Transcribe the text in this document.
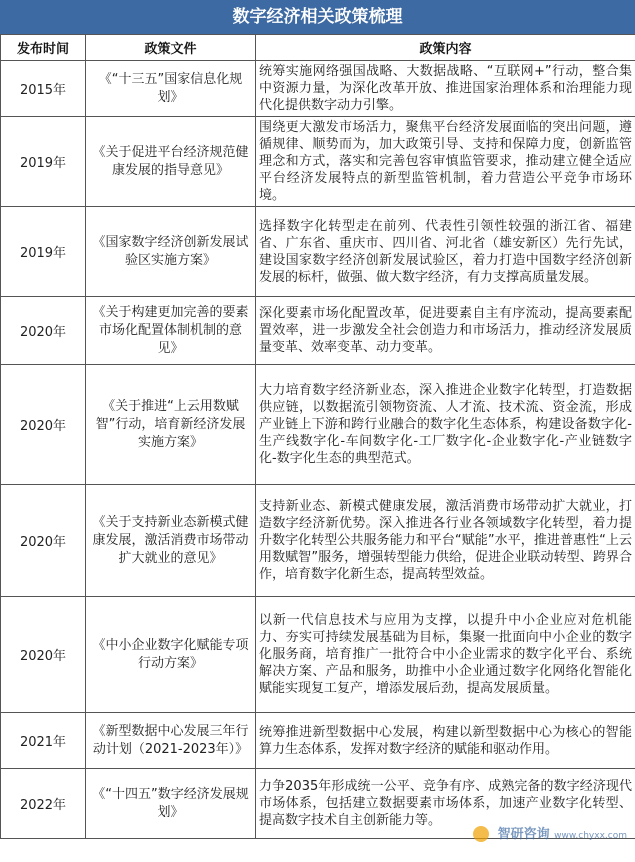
数字经济相关政策梳理
发布时间	政策文件	政策内容
2015年	《“十三五”国家信息化规划》	统筹实施网络强国战略、大数据战略、“互联网+”行动，整合集中资源力量，为深化改革开放、推进国家治理体系和治理能力现代化提供数字动力引擎。
2019年	《关于促进平台经济规范健康发展的指导意见》	围绕更大激发市场活力，聚焦平台经济发展面临的突出问题，遵循规律、顺势而为，加大政策引导、支持和保障力度，创新监管理念和方式，落实和完善包容审慎监管要求，推动建立健全适应平台经济发展特点的新型监管机制，着力营造公平竞争市场环境。
2019年	《国家数字经济创新发展试验区实施方案》	选择数字化转型走在前列、代表性引领性较强的浙江省、福建省、广东省、重庆市、四川省、河北省（雄安新区）先行先试，建设国家数字经济创新发展试验区，着力打造中国数字经济创新发展的标杆，做强、做大数字经济，有力支撑高质量发展。
2020年	《关于构建更加完善的要素市场化配置体制机制的意见》	深化要素市场化配置改革，促进要素自主有序流动，提高要素配置效率，进一步激发全社会创造力和市场活力，推动经济发展质量变革、效率变革、动力变革。
2020年	《关于推进“上云用数赋智”行动，培育新经济发展实施方案》	大力培育数字经济新业态，深入推进企业数字化转型，打造数据供应链，以数据流引领物资流、人才流、技术流、资金流，形成产业链上下游和跨行业融合的数字化生态体系，构建设备数字化-生产线数字化-车间数字化-工厂数字化-企业数字化-产业链数字化-数字化生态的典型范式。
2020年	《关于支持新业态新模式健康发展，激活消费市场带动扩大就业的意见》	支持新业态、新模式健康发展，激活消费市场带动扩大就业，打造数字经济新优势。深入推进各行业各领域数字化转型，着力提升数字化转型公共服务能力和平台“赋能”水平，推进普惠性“上云用数赋智”服务，增强转型能力供给，促进企业联动转型、跨界合作，培育数字化新生态，提高转型效益。
2020年	《中小企业数字化赋能专项行动方案》	以新一代信息技术与应用为支撑，以提升中小企业应对危机能力、夯实可持续发展基础为目标，集聚一批面向中小企业的数字化服务商，培育推广一批符合中小企业需求的数字化平台、系统解决方案、产品和服务，助推中小企业通过数字化网络化智能化赋能实现复工复产，增添发展后劲，提高发展质量。
2021年	《新型数据中心发展三年行动计划（2021-2023年）》	统筹推进新型数据中心发展，构建以新型数据中心为核心的智能算力生态体系，发挥对数字经济的赋能和驱动作用。
2022年	《“十四五”数字经济发展规划》	力争2035年形成统一公平、竞争有序、成熟完备的数字经济现代市场体系，包括建立数据要素市场体系，加速产业数字化转型、提高数字技术自主创新能力等。
智研咨询 www.chyxx.com
